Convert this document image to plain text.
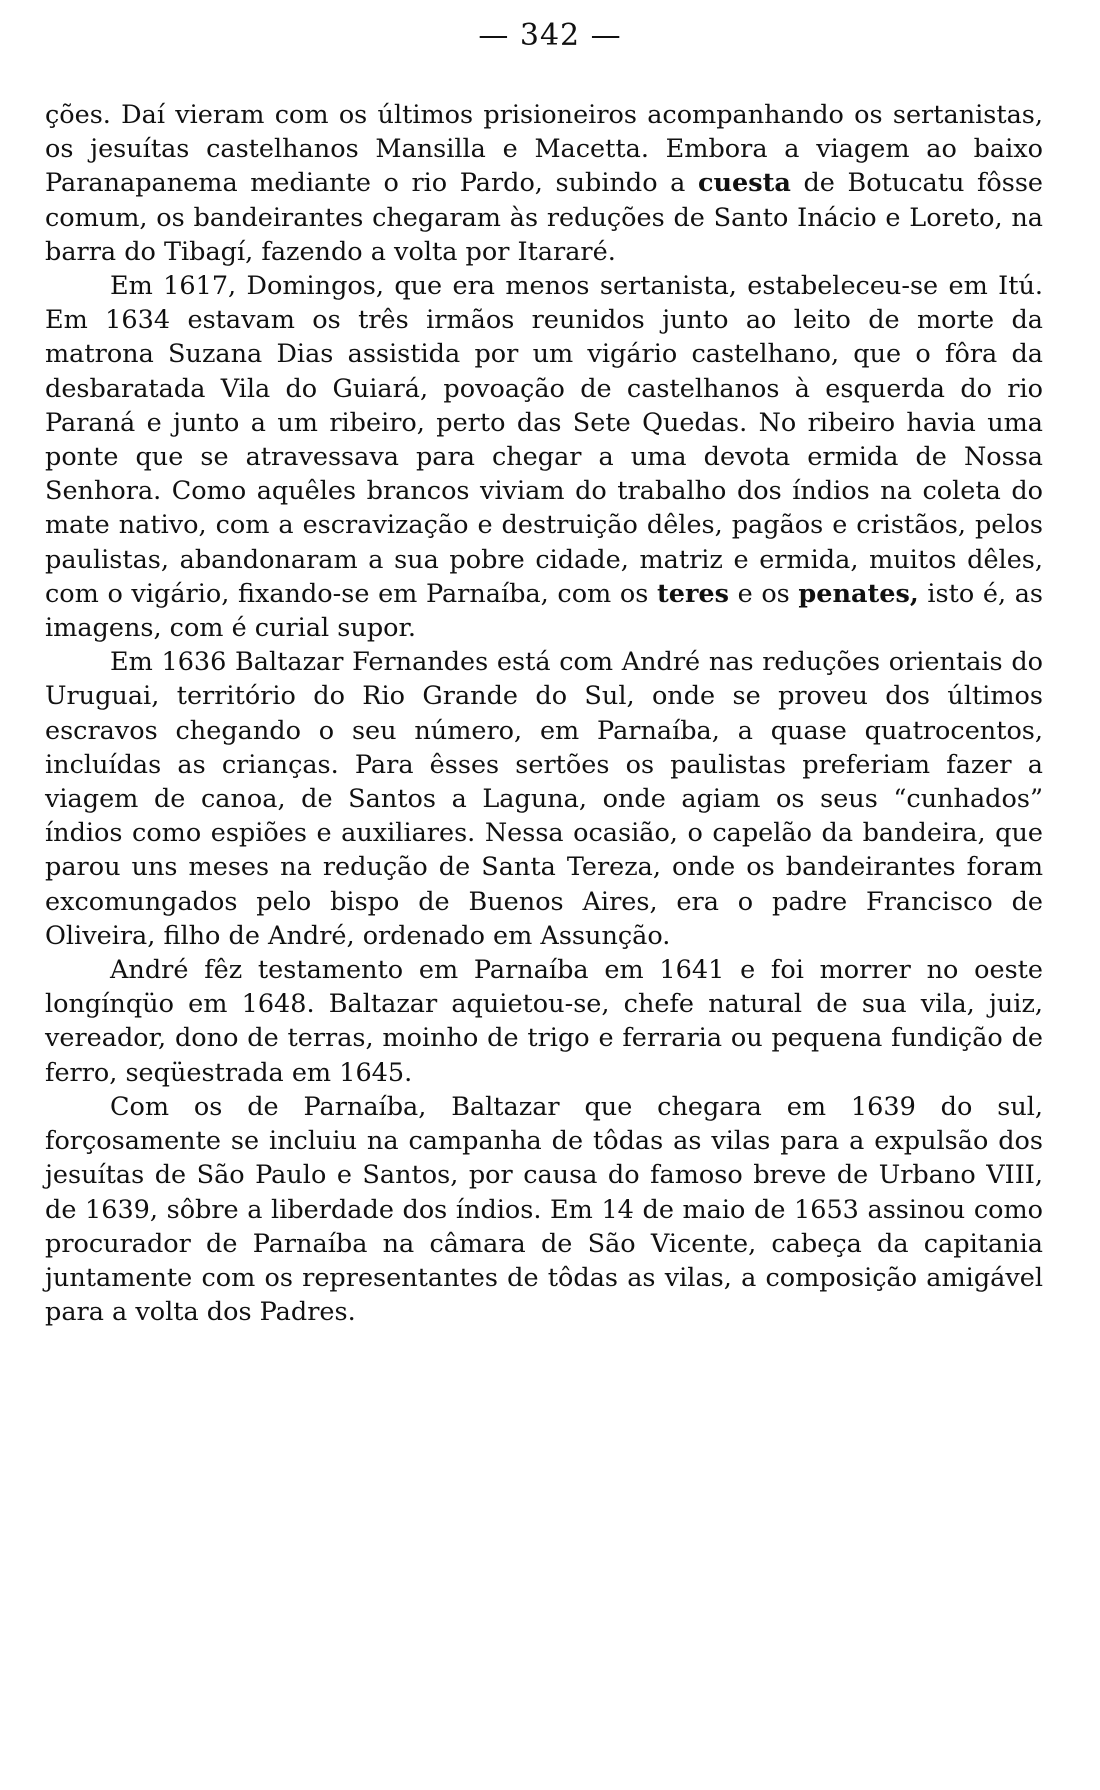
— 342 —

ções. Daí vieram com os últimos prisioneiros acompanhando os sertanistas, os jesuítas castelhanos Mansilla e Macetta. Embora a viagem ao baixo Paranapanema mediante o rio Pardo, subindo a cuesta de Botucatu fôsse comum, os bandeirantes chegaram às reduções de Santo Inácio e Loreto, na barra do Tibagí, fazendo a volta por Itararé.

Em 1617, Domingos, que era menos sertanista, estabeleceu-se em Itú. Em 1634 estavam os três irmãos reunidos junto ao leito de morte da matrona Suzana Dias assistida por um vigário castelhano, que o fôra da desbaratada Vila do Guiará, povoação de castelhanos à esquerda do rio Paraná e junto a um ribeiro, perto das Sete Quedas. No ribeiro havia uma ponte que se atravessava para chegar a uma devota ermida de Nossa Senhora. Como aquêles brancos viviam do trabalho dos índios na coleta do mate nativo, com a escravização e destruição dêles, pagãos e cristãos, pelos paulistas, abandonaram a sua pobre cidade, matriz e ermida, muitos dêles, com o vigário, fixando-se em Parnaíba, com os teres e os penates, isto é, as imagens, com é curial supor.

Em 1636 Baltazar Fernandes está com André nas reduções orientais do Uruguai, território do Rio Grande do Sul, onde se proveu dos últimos escravos chegando o seu número, em Parnaíba, a quase quatrocentos, incluídas as crianças. Para êsses sertões os paulistas preferiam fazer a viagem de canoa, de Santos a Laguna, onde agiam os seus “cunhados” índios como espiões e auxiliares. Nessa ocasião, o capelão da bandeira, que parou uns meses na redução de Santa Tereza, onde os bandeirantes foram excomungados pelo bispo de Buenos Aires, era o padre Francisco de Oliveira, filho de André, ordenado em Assunção.

André fêz testamento em Parnaíba em 1641 e foi morrer no oeste longínqüo em 1648. Baltazar aquietou-se, chefe natural de sua vila, juiz, vereador, dono de terras, moinho de trigo e ferraria ou pequena fundição de ferro, seqüestrada em 1645.

Com os de Parnaíba, Baltazar que chegara em 1639 do sul, forçosamente se incluiu na campanha de tôdas as vilas para a expulsão dos jesuítas de São Paulo e Santos, por causa do famoso breve de Urbano VIII, de 1639, sôbre a liberdade dos índios. Em 14 de maio de 1653 assinou como procurador de Parnaíba na câmara de São Vicente, cabeça da capitania juntamente com os representantes de tôdas as vilas, a composição amigável para a volta dos Padres.
